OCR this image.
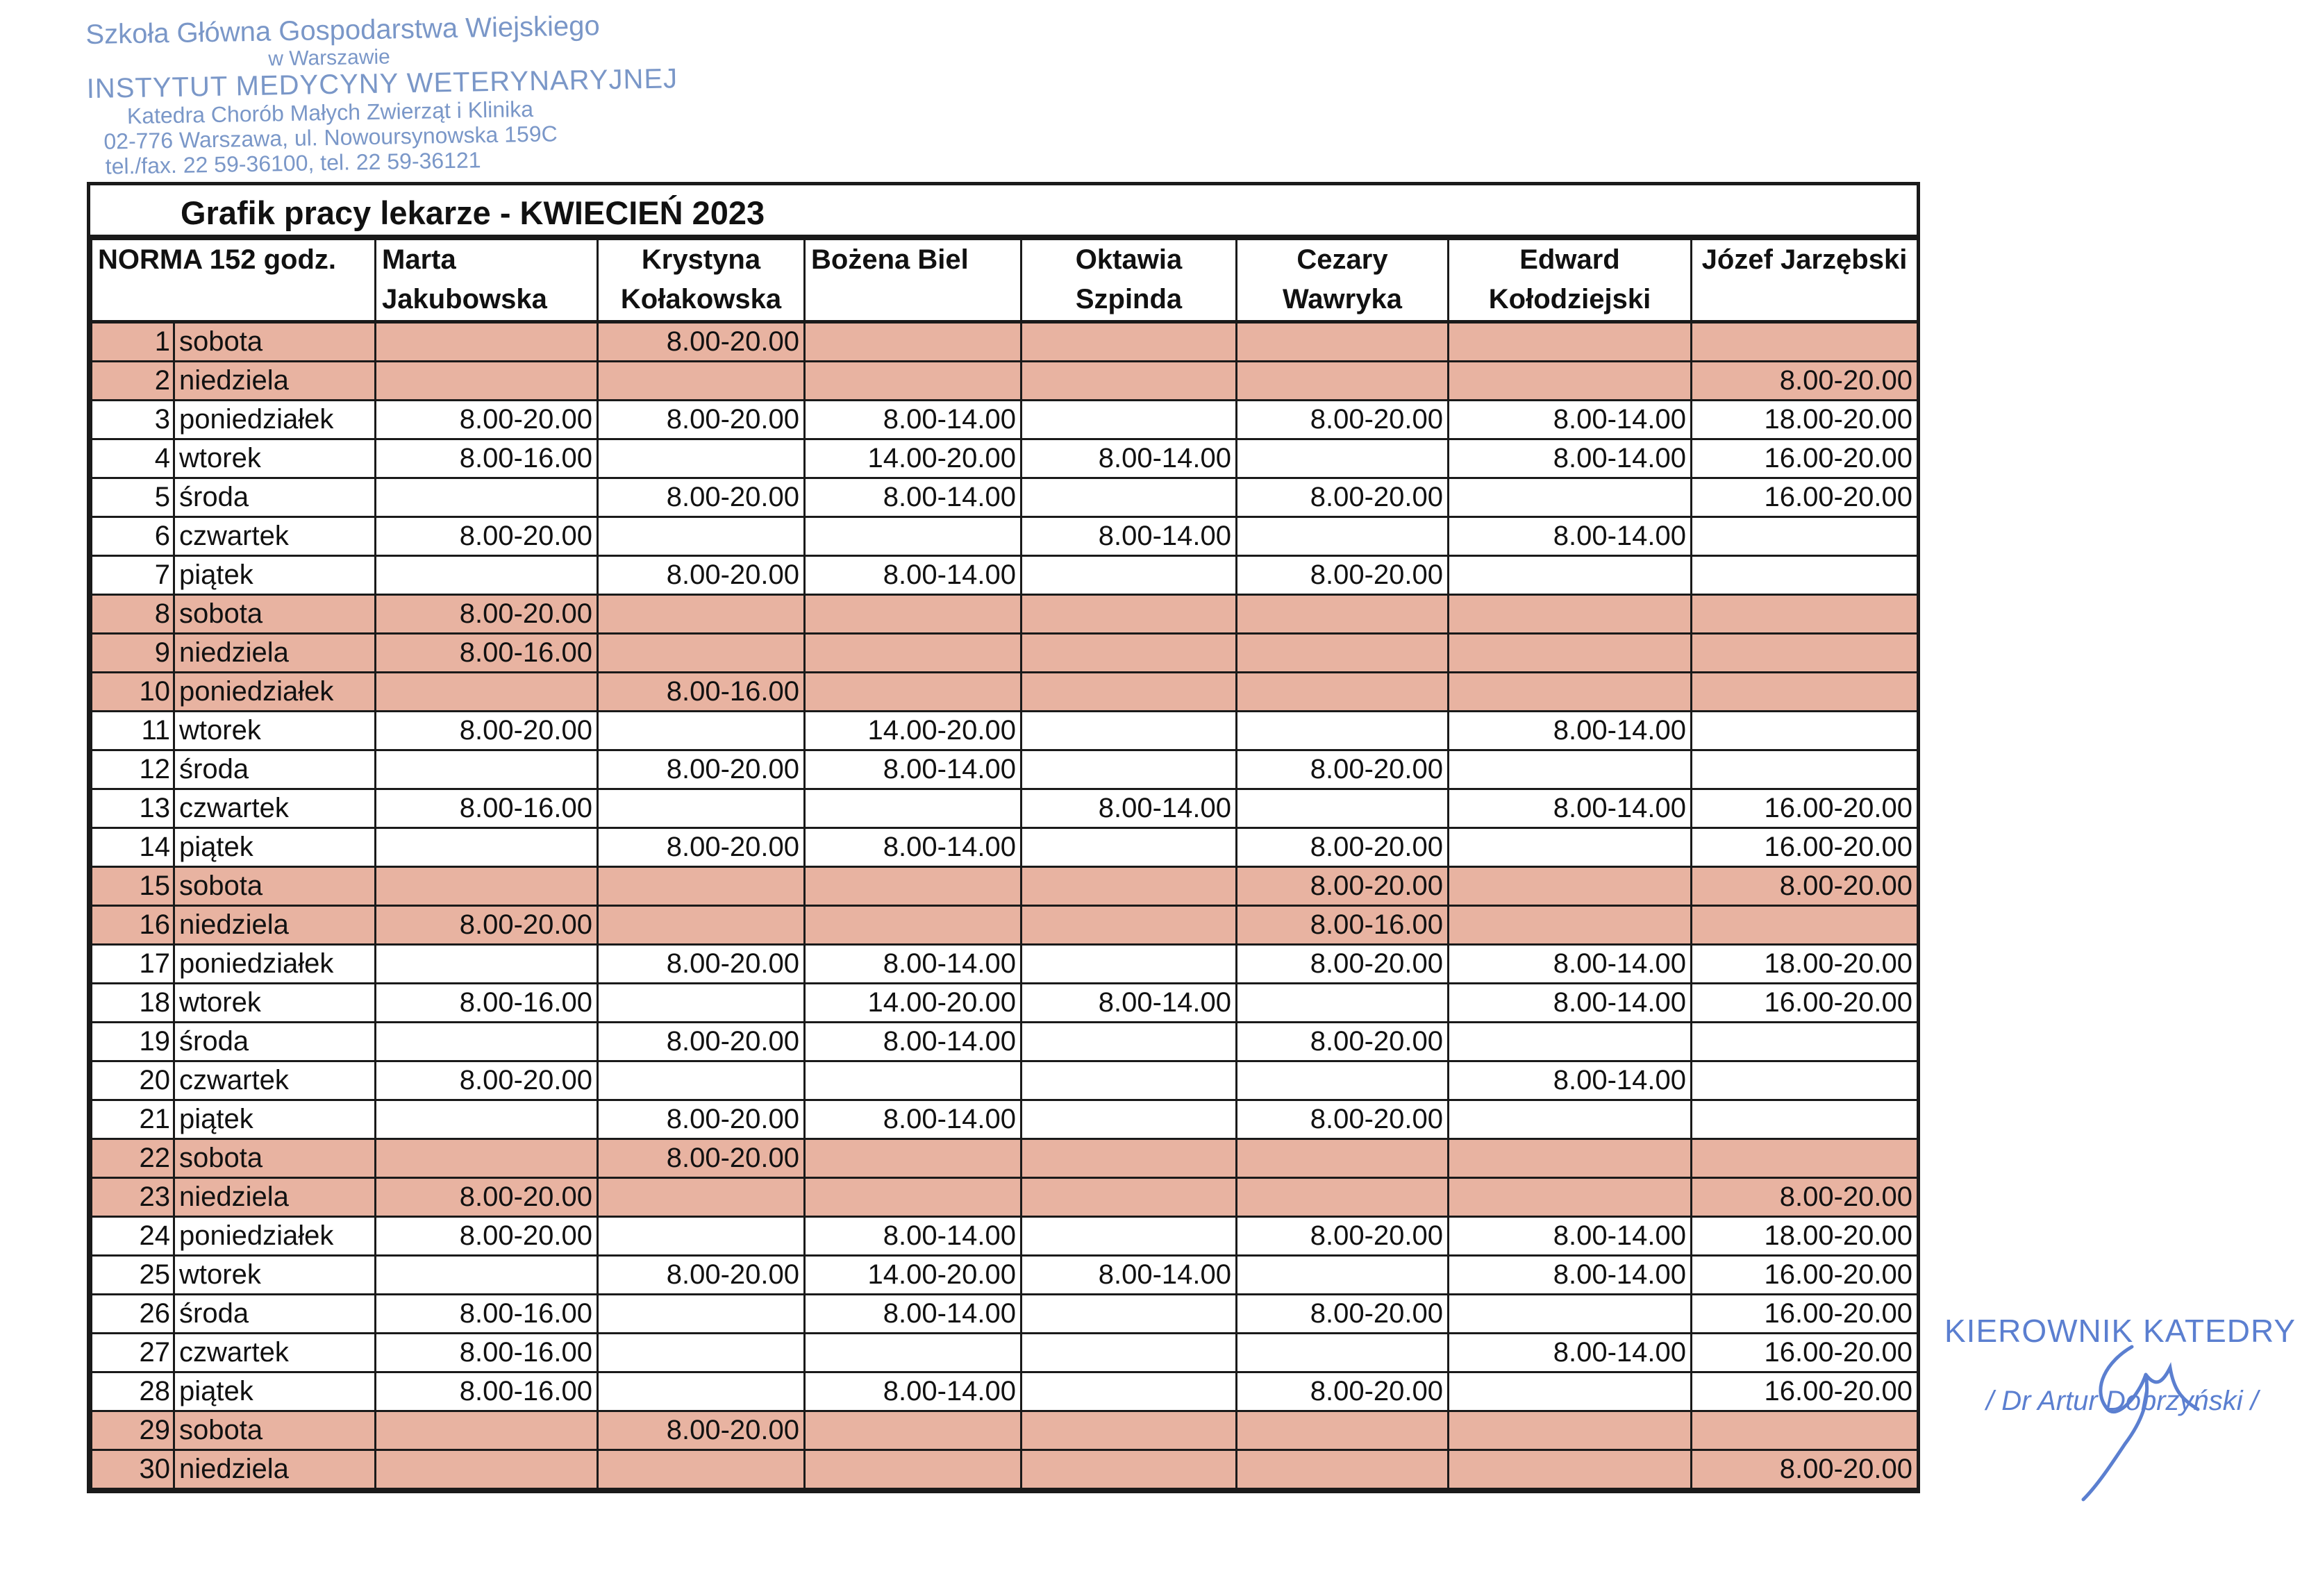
Szkoła Główna Gospodarstwa Wiejskiego
w Warszawie
INSTYTUT MEDYCYNY WETERYNARYJNEJ
Katedra Chorób Małych Zwierząt i Klinika
02-776 Warszawa, ul. Nowoursynowska 159C
tel./fax. 22 59-36100, tel. 22 59-36121
Grafik pracy lekarze - KWIECIEŃ 2023
NORMA 152 godz.		Marta Jakubowska	Krystyna Kołakowska	Bożena Biel	Oktawia Szpinda	Cezary Wawryka	Edward Kołodziejski	Józef Jarzębski
1	sobota		8.00-20.00					
2	niedziela							8.00-20.00
3	poniedziałek	8.00-20.00	8.00-20.00	8.00-14.00		8.00-20.00	8.00-14.00	18.00-20.00
4	wtorek	8.00-16.00		14.00-20.00	8.00-14.00		8.00-14.00	16.00-20.00
5	środa		8.00-20.00	8.00-14.00		8.00-20.00		16.00-20.00
6	czwartek	8.00-20.00			8.00-14.00		8.00-14.00	
7	piątek		8.00-20.00	8.00-14.00		8.00-20.00		
8	sobota	8.00-20.00						
9	niedziela	8.00-16.00						
10	poniedziałek		8.00-16.00					
11	wtorek	8.00-20.00		14.00-20.00			8.00-14.00	
12	środa		8.00-20.00	8.00-14.00		8.00-20.00		
13	czwartek	8.00-16.00			8.00-14.00		8.00-14.00	16.00-20.00
14	piątek		8.00-20.00	8.00-14.00		8.00-20.00		16.00-20.00
15	sobota					8.00-20.00		8.00-20.00
16	niedziela	8.00-20.00				8.00-16.00		
17	poniedziałek		8.00-20.00	8.00-14.00		8.00-20.00	8.00-14.00	18.00-20.00
18	wtorek	8.00-16.00		14.00-20.00	8.00-14.00		8.00-14.00	16.00-20.00
19	środa		8.00-20.00	8.00-14.00		8.00-20.00		
20	czwartek	8.00-20.00					8.00-14.00	
21	piątek		8.00-20.00	8.00-14.00		8.00-20.00		
22	sobota		8.00-20.00					
23	niedziela	8.00-20.00						8.00-20.00
24	poniedziałek	8.00-20.00		8.00-14.00		8.00-20.00	8.00-14.00	18.00-20.00
25	wtorek		8.00-20.00	14.00-20.00	8.00-14.00		8.00-14.00	16.00-20.00
26	środa	8.00-16.00		8.00-14.00		8.00-20.00		16.00-20.00
27	czwartek	8.00-16.00					8.00-14.00	16.00-20.00
28	piątek	8.00-16.00		8.00-14.00		8.00-20.00		16.00-20.00
29	sobota		8.00-20.00					
30	niedziela							8.00-20.00
KIEROWNIK KATEDRY
/ Dr Artur Dobrzyński /
